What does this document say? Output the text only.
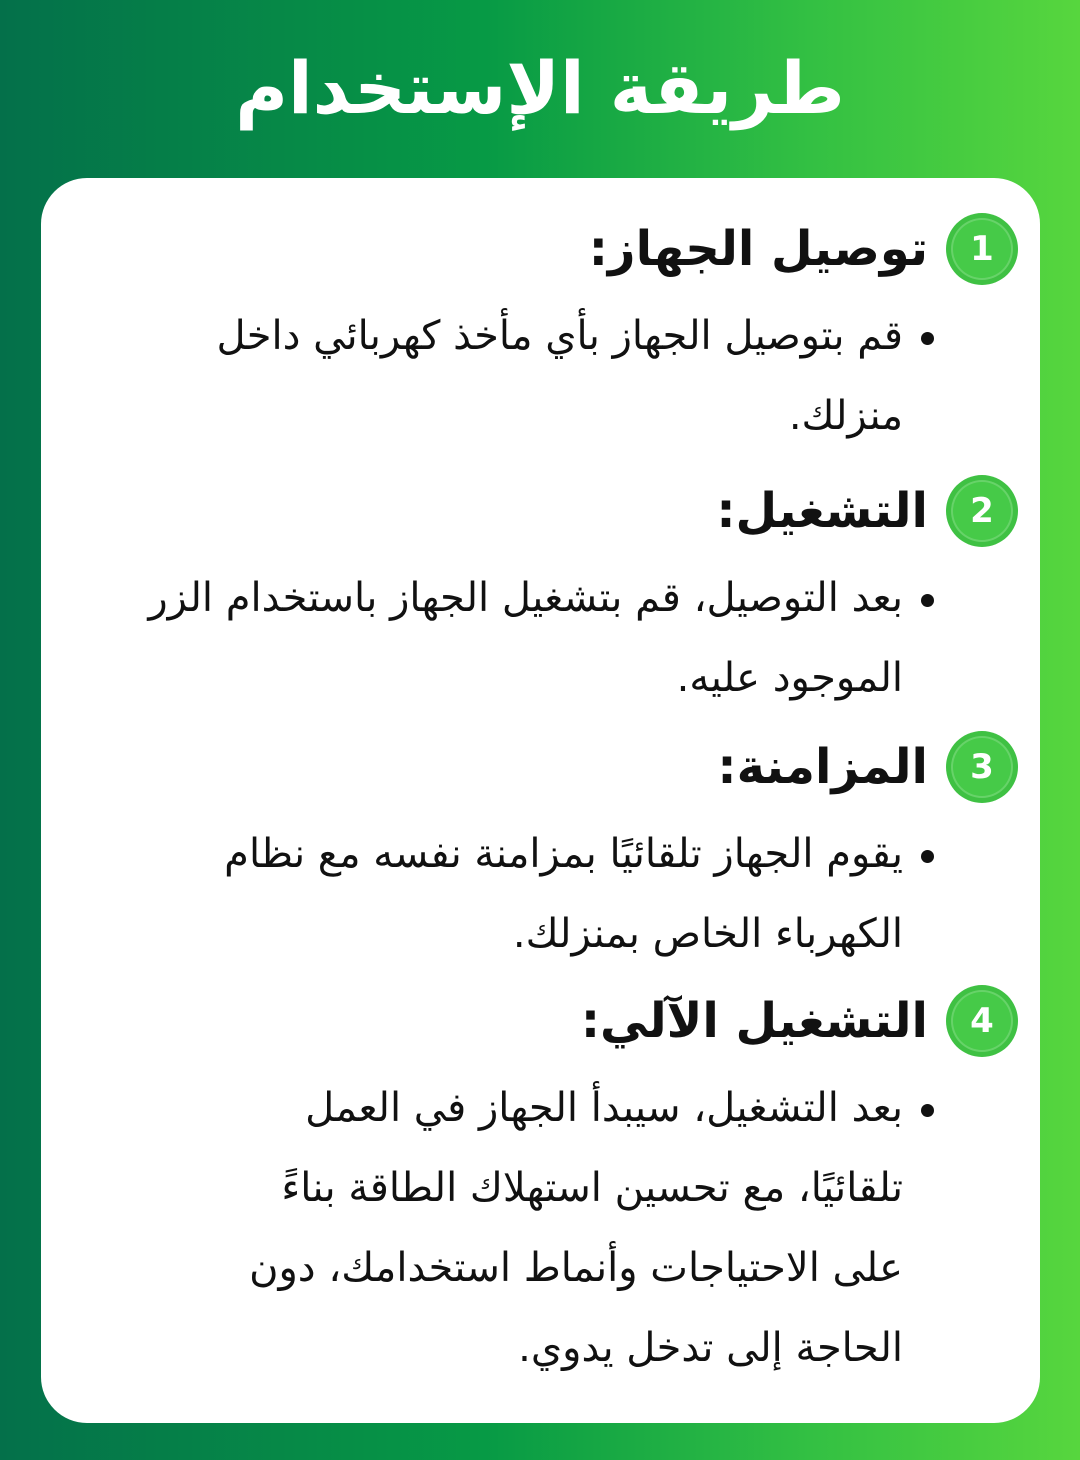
طريقة الإستخدام
1
توصيل الجهاز:

قم بتوصيل الجهاز بأي مأخذ كهربائي داخل منزلك.

2
التشغيل:

بعد التوصيل، قم بتشغيل الجهاز باستخدام الزر الموجود عليه.

3
المزامنة:

يقوم الجهاز تلقائيًا بمزامنة نفسه مع نظام الكهرباء الخاص بمنزلك.

4
التشغيل الآلي:

بعد التشغيل، سيبدأ الجهاز في العمل تلقائيًا، مع تحسين استهلاك الطاقة بناءً على الاحتياجات وأنماط استخدامك، دون الحاجة إلى تدخل يدوي.
